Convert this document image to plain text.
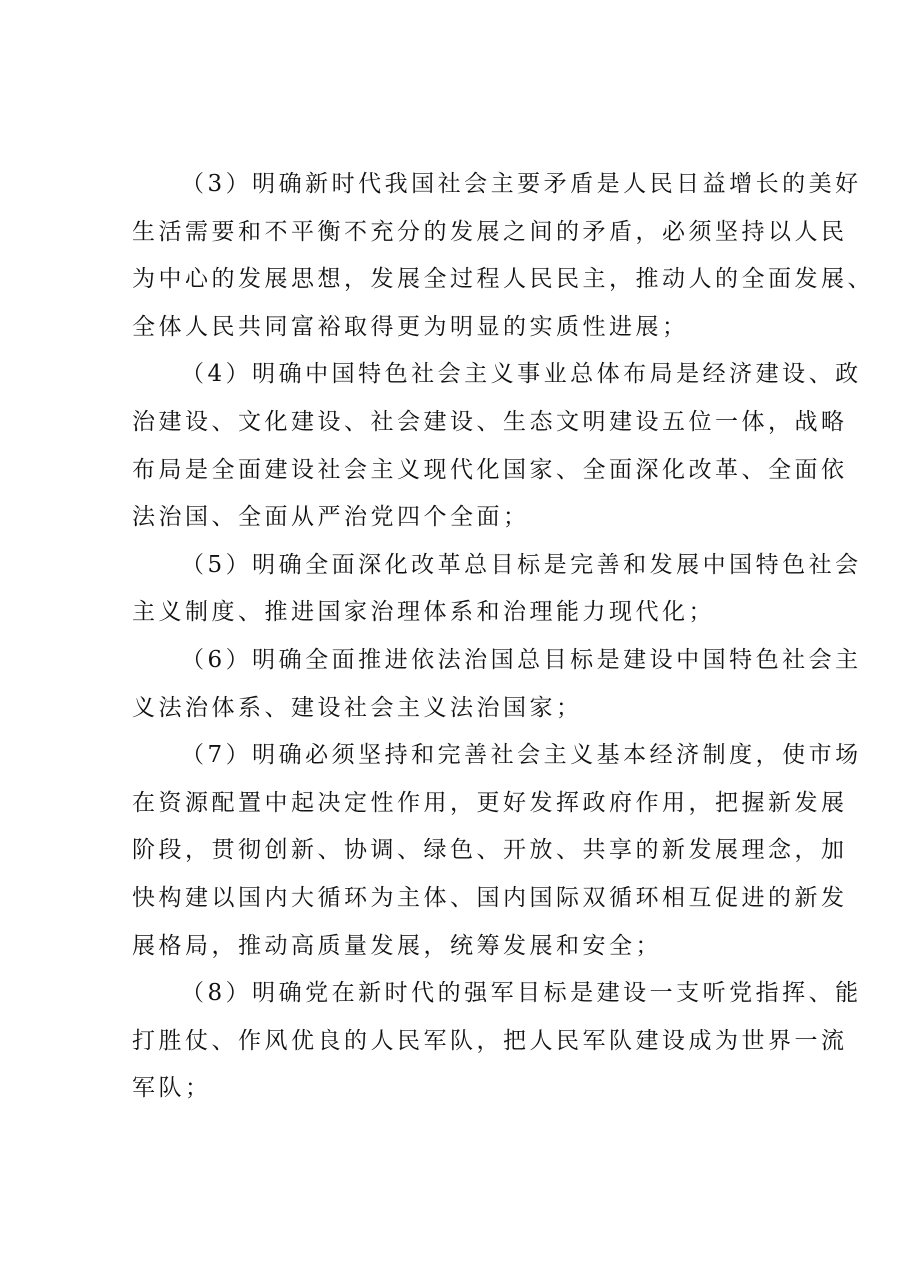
（3）明确新时代我国社会主要矛盾是人民日益增长的美好
生活需要和不平衡不充分的发展之间的矛盾，必须坚持以人民
为中心的发展思想，发展全过程人民民主，推动人的全面发展、
全体人民共同富裕取得更为明显的实质性进展；
（4）明确中国特色社会主义事业总体布局是经济建设、政
治建设、文化建设、社会建设、生态文明建设五位一体，战略
布局是全面建设社会主义现代化国家、全面深化改革、全面依
法治国、全面从严治党四个全面；
（5）明确全面深化改革总目标是完善和发展中国特色社会
主义制度、推进国家治理体系和治理能力现代化；
（6）明确全面推进依法治国总目标是建设中国特色社会主
义法治体系、建设社会主义法治国家；
（7）明确必须坚持和完善社会主义基本经济制度，使市场
在资源配置中起决定性作用，更好发挥政府作用，把握新发展
阶段，贯彻创新、协调、绿色、开放、共享的新发展理念，加
快构建以国内大循环为主体、国内国际双循环相互促进的新发
展格局，推动高质量发展，统筹发展和安全；
（8）明确党在新时代的强军目标是建设一支听党指挥、能
打胜仗、作风优良的人民军队，把人民军队建设成为世界一流
军队；
